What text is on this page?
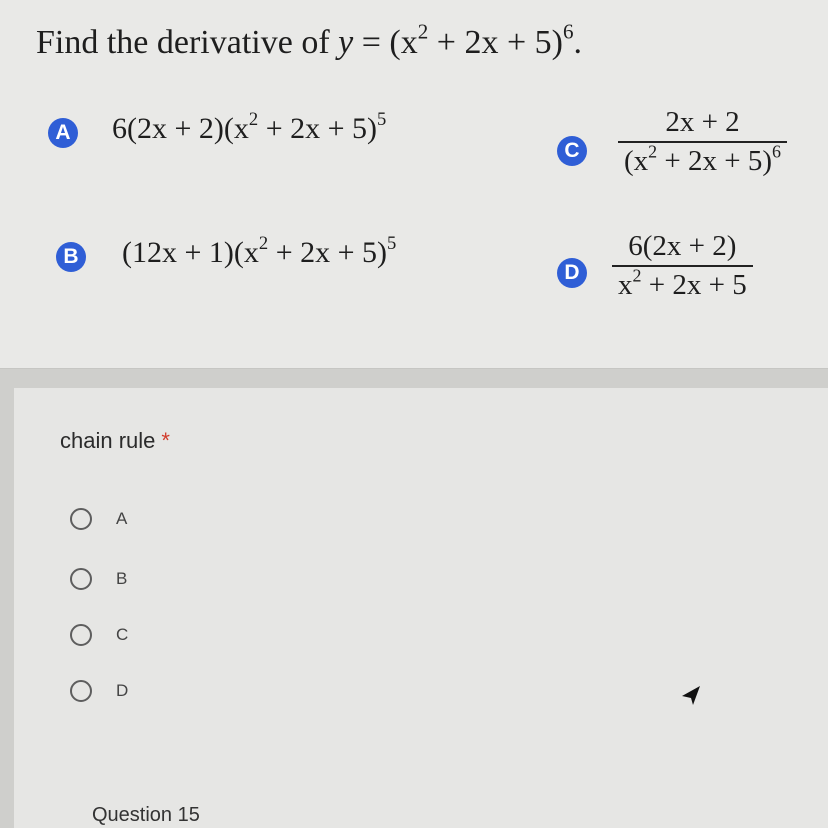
Find the derivative of $y = (x^2 + 2x + 5)^6$.
A $6(2x + 2)(x^2 + 2x + 5)^5$
B $(12x + 1)(x^2 + 2x + 5)^5$
C
2x + 2
$(x^2 + 2x + 5)^6$
D
6(2x + 2)
$x^2 + 2x + 5$
chain rule *
A
B
C
D
Question 15
